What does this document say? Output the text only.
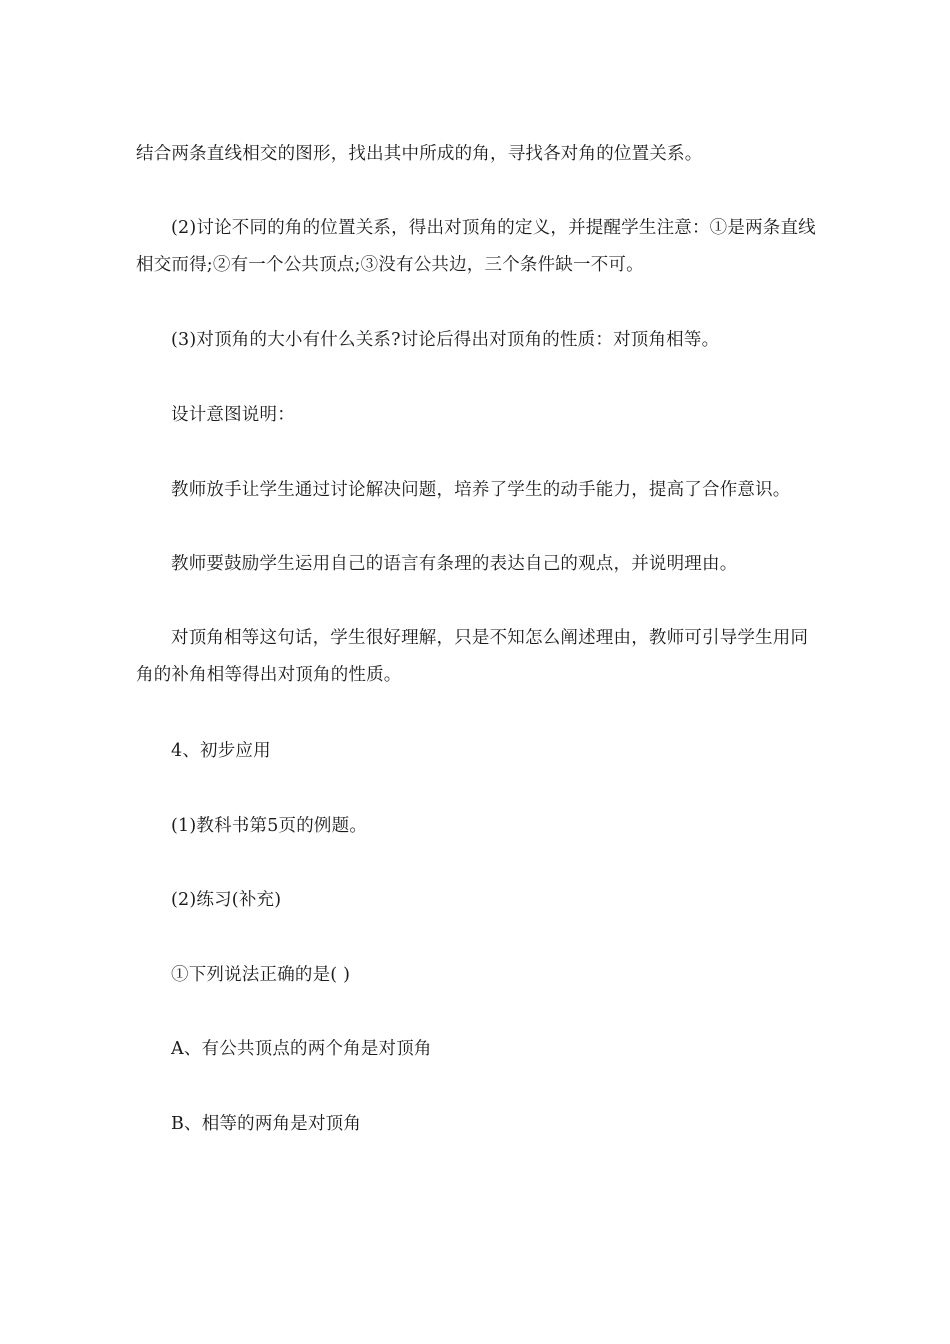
结合两条直线相交的图形，找出其中所成的角，寻找各对角的位置关系。

(2)讨论不同的角的位置关系，得出对顶角的定义，并提醒学生注意：①是两条直线相交而得;②有一个公共顶点;③没有公共边，三个条件缺一不可。

(3)对顶角的大小有什么关系?讨论后得出对顶角的性质：对顶角相等。

设计意图说明：

教师放手让学生通过讨论解决问题，培养了学生的动手能力，提高了合作意识。

教师要鼓励学生运用自己的语言有条理的表达自己的观点，并说明理由。

对顶角相等这句话，学生很好理解，只是不知怎么阐述理由，教师可引导学生用同角的补角相等得出对顶角的性质。

4、初步应用

(1)教科书第5页的例题。

(2)练习(补充)

①下列说法正确的是( )

A、有公共顶点的两个角是对顶角

B、相等的两角是对顶角
